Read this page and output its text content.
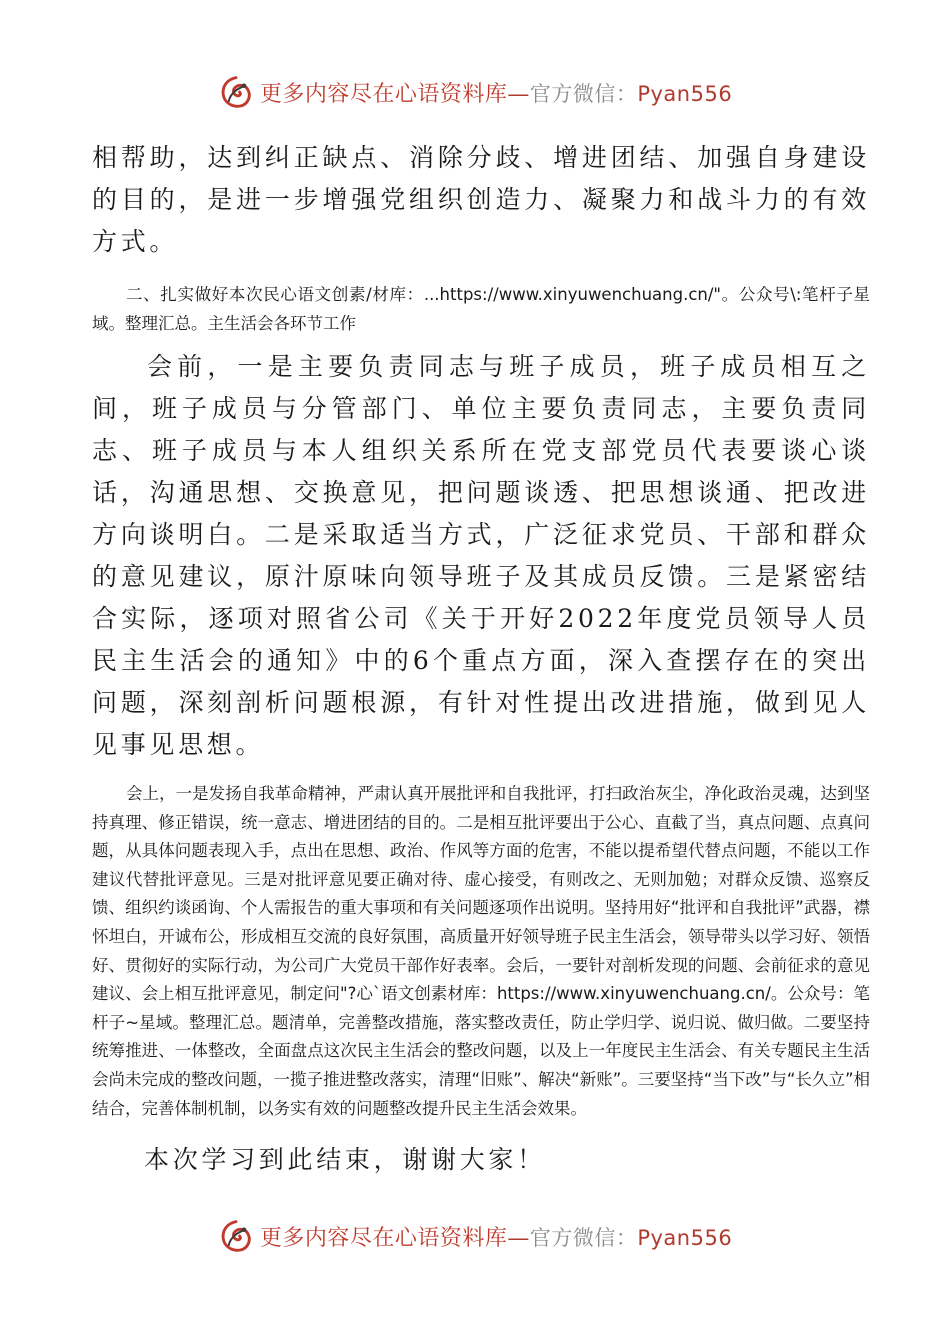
更多内容尽在心语资料库—官方微信：Pyan556

相帮助，达到纠正缺点、消除分歧、增进团结、加强自身建设的目的，是进一步增强党组织创造力、凝聚力和战斗力的有效方式。

二、扎实做好本次民心语文创素/材库：...https://www.xinyuwenchuang.cn/"。公众号\:笔杆子星域。整理汇总。主生活会各环节工作

会前，一是主要负责同志与班子成员，班子成员相互之间，班子成员与分管部门、单位主要负责同志，主要负责同志、班子成员与本人组织关系所在党支部党员代表要谈心谈话，沟通思想、交换意见，把问题谈透、把思想谈通、把改进方向谈明白。二是采取适当方式，广泛征求党员、干部和群众的意见建议，原汁原味向领导班子及其成员反馈。三是紧密结合实际，逐项对照省公司《关于开好2022年度党员领导人员民主生活会的通知》中的6个重点方面，深入查摆存在的突出问题，深刻剖析问题根源，有针对性提出改进措施，做到见人见事见思想。

会上，一是发扬自我革命精神，严肃认真开展批评和自我批评，打扫政治灰尘，净化政治灵魂，达到坚持真理、修正错误，统一意志、增进团结的目的。二是相互批评要出于公心、直截了当，真点问题、点真问题，从具体问题表现入手，点出在思想、政治、作风等方面的危害，不能以提希望代替点问题，不能以工作建议代替批评意见。三是对批评意见要正确对待、虚心接受，有则改之、无则加勉；对群众反馈、巡察反馈、组织约谈函询、个人需报告的重大事项和有关问题逐项作出说明。坚持用好“批评和自我批评”武器，襟怀坦白，开诚布公，形成相互交流的良好氛围，高质量开好领导班子民主生活会，领导带头以学习好、领悟好、贯彻好的实际行动，为公司广大党员干部作好表率。会后，一要针对剖析发现的问题、会前征求的意见建议、会上相互批评意见，制定问"?心`语文创素材库：https://www.xinyuwenchuang.cn/。公众号：笔杆子~星域。整理汇总。题清单，完善整改措施，落实整改责任，防止学归学、说归说、做归做。二要坚持统筹推进、一体整改，全面盘点这次民主生活会的整改问题，以及上一年度民主生活会、有关专题民主生活会尚未完成的整改问题，一揽子推进整改落实，清理“旧账”、解决“新账”。三要坚持“当下改”与“长久立”相结合，完善体制机制，以务实有效的问题整改提升民主生活会效果。

本次学习到此结束，谢谢大家！

更多内容尽在心语资料库—官方微信：Pyan556
